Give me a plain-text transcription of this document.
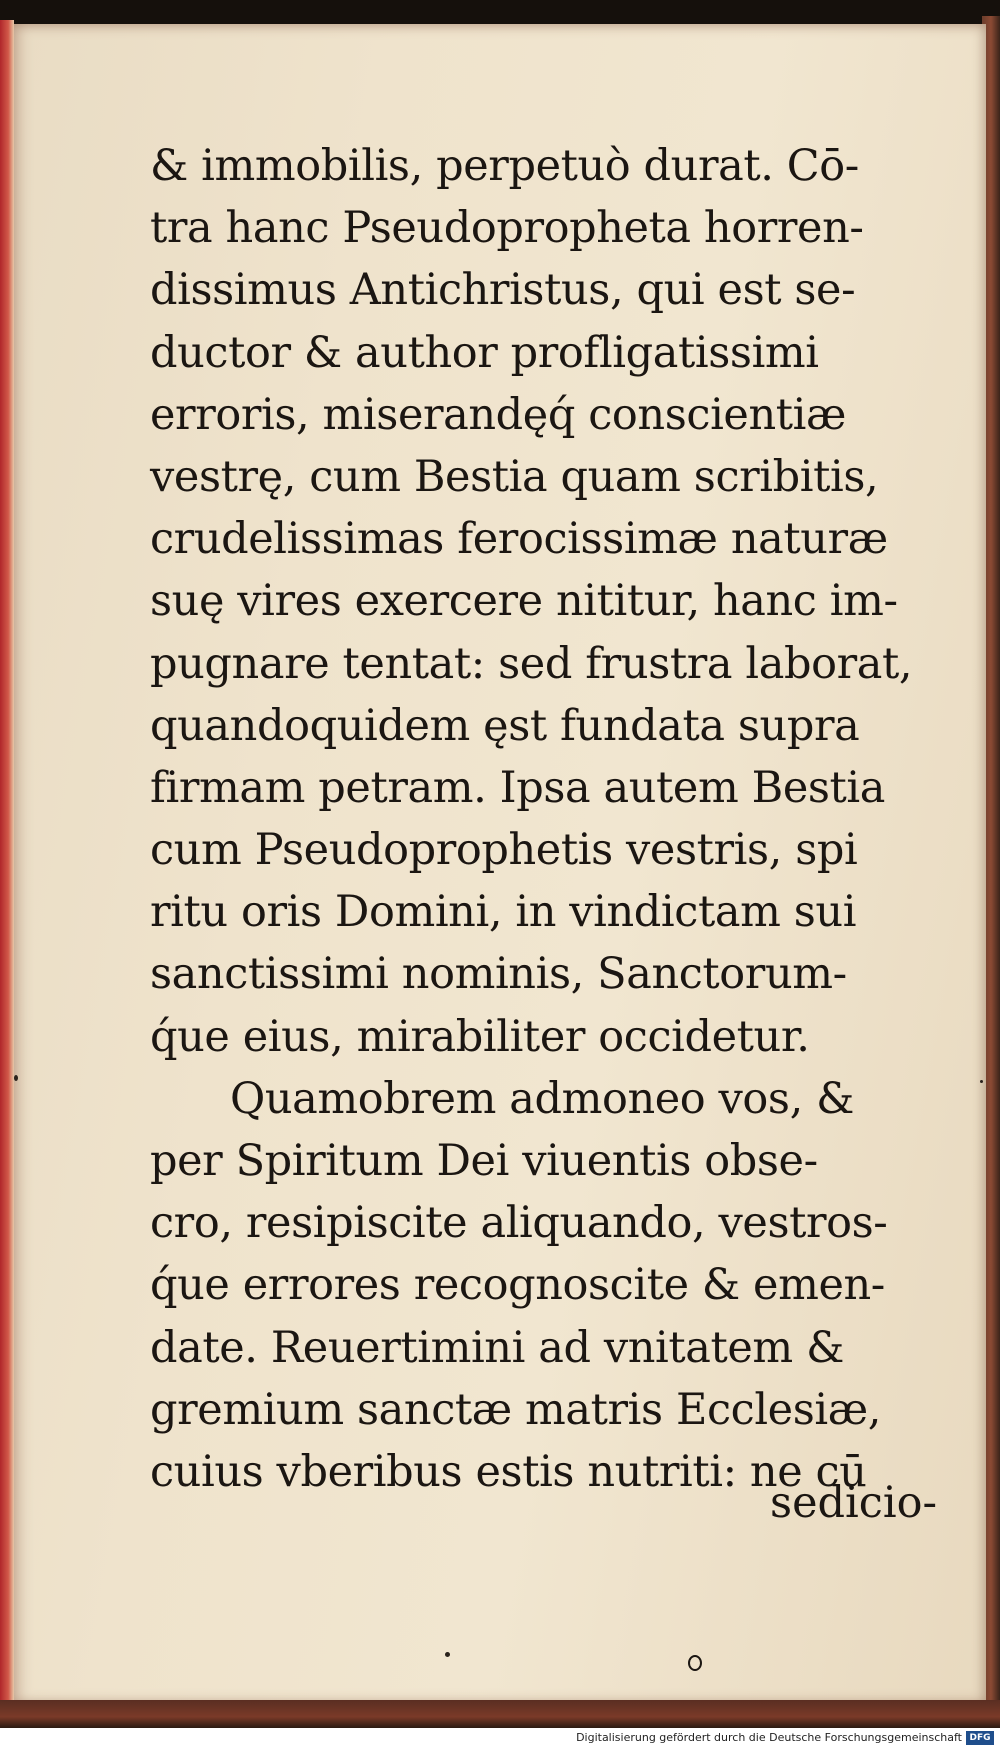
& immobilis, perpetuò durat. Cō-
tra hanc Pseudopropheta horren-
dissimus Antichristus, qui est se-
ductor & author profligatissimi
erroris, miserandęq́ conscientiæ
vestrę, cum Bestia quam scribitis,
crudelissimas ferocissimæ naturæ
suę vires exercere nititur, hanc im-
pugnare tentat: sed frustra laborat,
quandoquidem ęst fundata supra
firmam petram. Ipsa autem Bestia
cum Pseudoprophetis vestris, spi
ritu oris Domini, in vindictam sui
sanctissimi nominis, Sanctorum-
q́ue eius, mirabiliter occidetur.
Quamobrem admoneo vos, &
per Spiritum Dei viuentis obse-
cro, resipiscite aliquando, vestros-
q́ue errores recognoscite & emen-
date. Reuertimini ad vnitatem &
gremium sanctæ matris Ecclesiæ,
cuius vberibus estis nutriti: ne cū
sedicio-
Digitalisierung gefördert durch die Deutsche Forschungsgemeinschaft DFG
